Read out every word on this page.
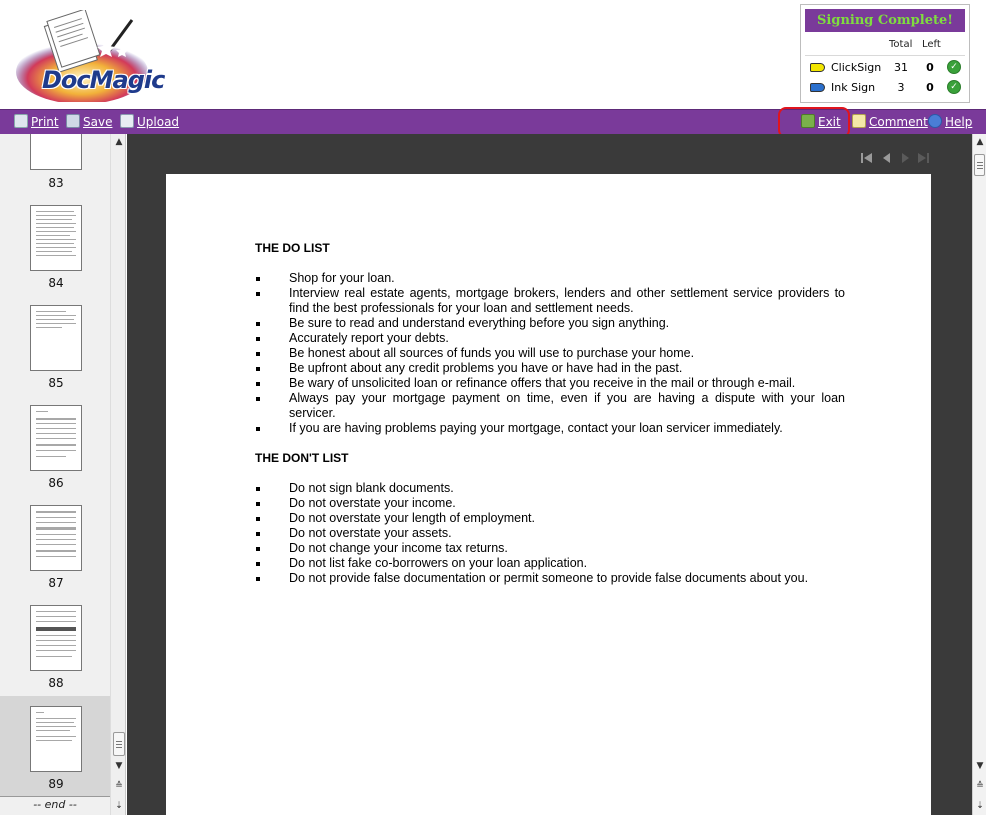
DocMagic
Signing Complete!
Total Left
ClickSign	31	0	✓
Ink Sign	3	0	✓
Print	Save	Upload	Exit	Comment	Help
83
84
85
86
87
88
89
-- end --
▲
▼
≙
⇣
THE DO LIST
Shop for your loan.
Interview real estate agents, mortgage brokers, lenders and other settlement service providers to find the best professionals for your loan and settlement needs.
Be sure to read and understand everything before you sign anything.
Accurately report your debts.
Be honest about all sources of funds you will use to purchase your home.
Be upfront about any credit problems you have or have had in the past.
Be wary of unsolicited loan or refinance offers that you receive in the mail or through e-mail.
Always pay your mortgage payment on time, even if you are having a dispute with your loan servicer.
If you are having problems paying your mortgage, contact your loan servicer immediately.
THE DON'T LIST
Do not sign blank documents.
Do not overstate your income.
Do not overstate your length of employment.
Do not overstate your assets.
Do not change your income tax returns.
Do not list fake co-borrowers on your loan application.
Do not provide false documentation or permit someone to provide false documents about you.
▲
▼
≙
⇣
